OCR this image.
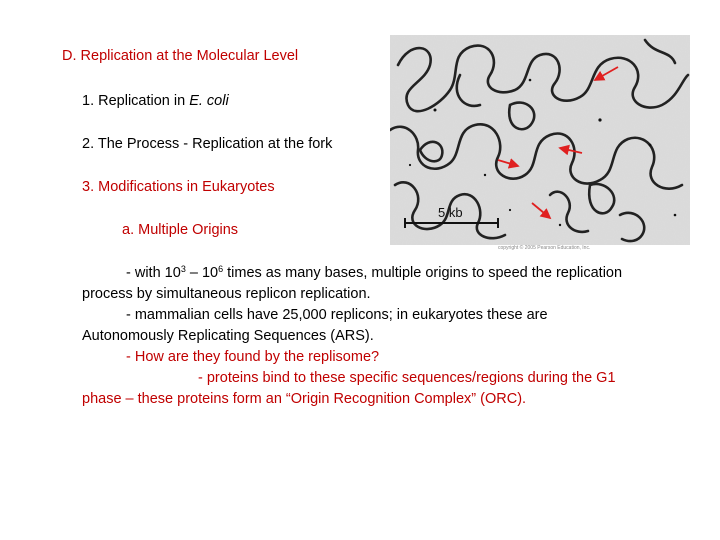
D. Replication at the Molecular Level
1. Replication in E. coli
2. The Process - Replication at the fork
3. Modifications in Eukaryotes
a. Multiple Origins
- with $10^3 - 10^6$ times as many bases, multiple origins to speed the replication
process by simultaneous replicon replication.
- mammalian cells have 25,000 replicons; in eukaryotes these are
Autonomously Replicating Sequences (ARS).
- How are they found by the replisome?
- proteins bind to these specific sequences/regions during the G1
phase – these proteins form an “Origin Recognition Complex” (ORC).
5 kb
copyright © 2005 Pearson Education, Inc.
